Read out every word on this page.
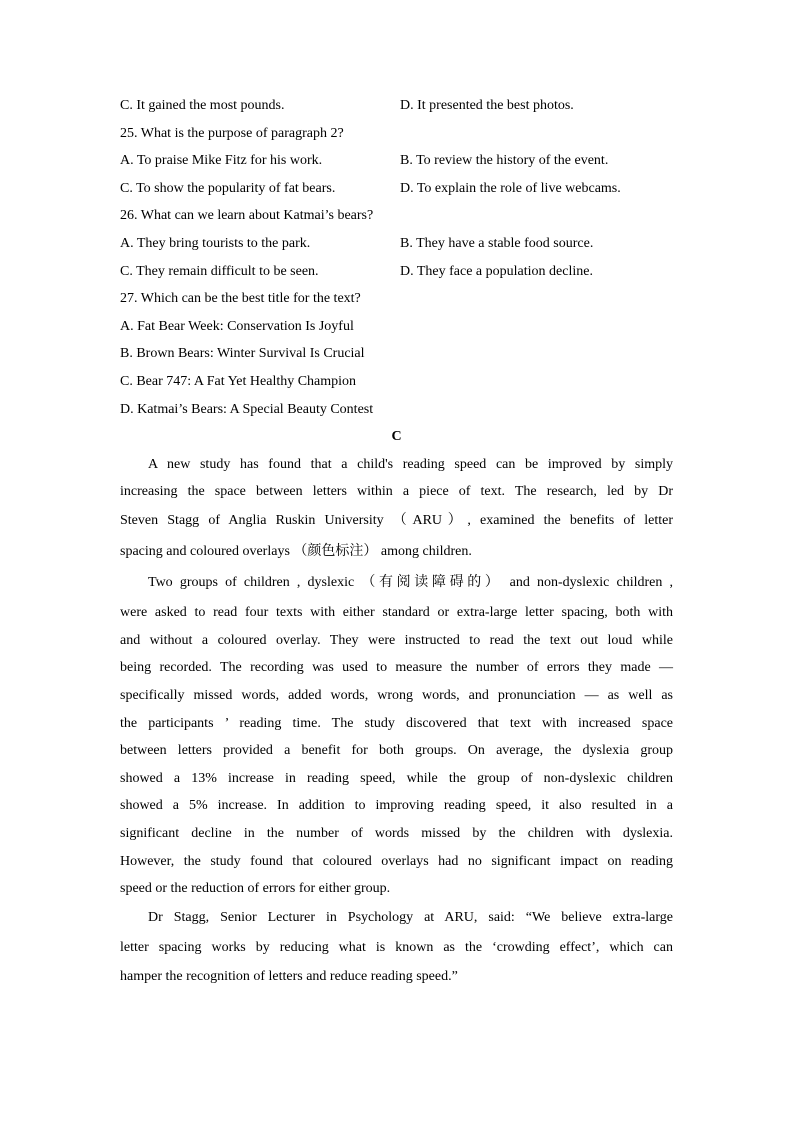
C. It gained the most pounds.	D. It presented the best photos.
25. What is the purpose of paragraph 2?
A. To praise Mike Fitz for his work.	B. To review the history of the event.
C. To show the popularity of fat bears.	D. To explain the role of live webcams.
26. What can we learn about Katmai’s bears?
A. They bring tourists to the park.	B. They have a stable food source.
C. They remain difficult to be seen.	D. They face a population decline.
27. Which can be the best title for the text?
A. Fat Bear Week: Conservation Is Joyful
B. Brown Bears: Winter Survival Is Crucial
C. Bear 747: A Fat Yet Healthy Champion
D. Katmai’s Bears: A Special Beauty Contest
C
A new study has found that a child's reading speed can be improved by simply
increasing the space between letters within a piece of text. The research, led by Dr
Steven Stagg of Anglia Ruskin University （ARU）, examined the benefits of letter
spacing and coloured overlays （颜色标注） among children.
Two groups of children , dyslexic （有阅读障碍的） and non-dyslexic children ,
were asked to read four texts with either standard or extra-large letter spacing, both with
and without a coloured overlay. They were instructed to read the text out loud while
being recorded. The recording was used to measure the number of errors they made —
specifically missed words, added words, wrong words, and pronunciation — as well as
the participants ’ reading time. The study discovered that text with increased space
between letters provided a benefit for both groups. On average, the dyslexia group
showed a 13% increase in reading speed, while the group of non-dyslexic children
showed a 5% increase. In addition to improving reading speed, it also resulted in a
significant decline in the number of words missed by the children with dyslexia.
However, the study found that coloured overlays had no significant impact on reading
speed or the reduction of errors for either group.
Dr Stagg, Senior Lecturer in Psychology at ARU, said: “We believe extra-large
letter spacing works by reducing what is known as the ‘crowding effect’, which can
hamper the recognition of letters and reduce reading speed.”
